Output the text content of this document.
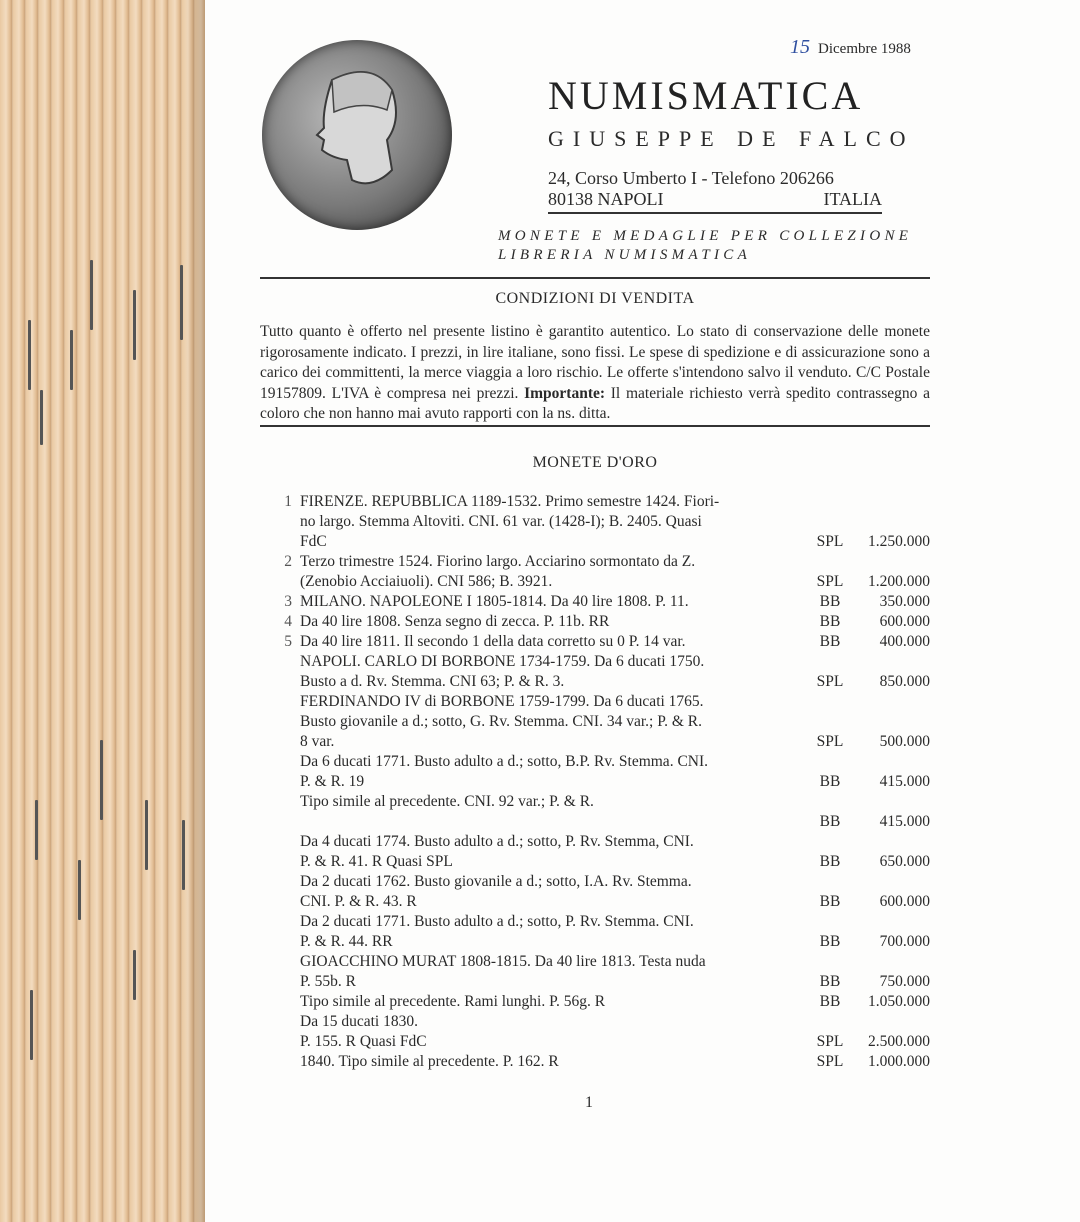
15 Dicembre 1988
NUMISMATICA
GIUSEPPE DE FALCO
24, Corso Umberto I - Telefono 206266
80138 NAPOLI	ITALIA
MONETE E MEDAGLIE PER COLLEZIONE
LIBRERIA NUMISMATICA
CONDIZIONI DI VENDITA
Tutto quanto è offerto nel presente listino è garantito autentico. Lo stato di conservazione delle monete rigorosamente indicato. I prezzi, in lire italiane, sono fissi. Le spese di spedizione e di assicurazione sono a carico dei committenti, la merce viaggia a loro rischio. Le offerte s'intendono salvo il venduto. C/C Postale 19157809. L'IVA è compresa nei prezzi. Importante: Il materiale richiesto verrà spedito contrassegno a coloro che non hanno mai avuto rapporti con la ns. ditta.
MONETE D'ORO
1 FIRENZE. REPUBBLICA 1189-1532. Primo semestre 1424. Fiori-
no largo. Stemma Altoviti. CNI. 61 var. (1428-I); B. 2405. Quasi
FdC	SPL	1.250.000
2 Terzo trimestre 1524. Fiorino largo. Acciarino sormontato da Z.
(Zenobio Acciaiuoli). CNI 586; B. 3921.	SPL	1.200.000
3 MILANO. NAPOLEONE I 1805-1814. Da 40 lire 1808. P. 11.	BB	350.000
4 Da 40 lire 1808. Senza segno di zecca. P. 11b. RR	BB	600.000
5 Da 40 lire 1811. Il secondo 1 della data corretto su 0 P. 14 var.	BB	400.000
NAPOLI. CARLO DI BORBONE 1734-1759. Da 6 ducati 1750.
Busto a d. Rv. Stemma. CNI 63; P. & R. 3.	SPL	850.000
FERDINANDO IV di BORBONE 1759-1799. Da 6 ducati 1765.
Busto giovanile a d.; sotto, G. Rv. Stemma. CNI. 34 var.; P. & R.
8 var.	SPL	500.000
Da 6 ducati 1771. Busto adulto a d.; sotto, B.P. Rv. Stemma. CNI.
P. & R. 19	BB	415.000
Tipo simile al precedente. CNI. 92 var.; P. & R.
BB	415.000
Da 4 ducati 1774. Busto adulto a d.; sotto, P. Rv. Stemma, CNI.
P. & R. 41. R Quasi SPL	BB	650.000
Da 2 ducati 1762. Busto giovanile a d.; sotto, I.A. Rv. Stemma.
CNI. P. & R. 43. R	BB	600.000
Da 2 ducati 1771. Busto adulto a d.; sotto, P. Rv. Stemma. CNI.
P. & R. 44. RR	BB	700.000
GIOACCHINO MURAT 1808-1815. Da 40 lire 1813. Testa nuda
P. 55b. R	BB	750.000
Tipo simile al precedente. Rami lunghi. P. 56g. R	BB	1.050.000
Da 15 ducati 1830.
P. 155. R Quasi FdC	SPL	2.500.000
1840. Tipo simile al precedente. P. 162. R	SPL	1.000.000
1
